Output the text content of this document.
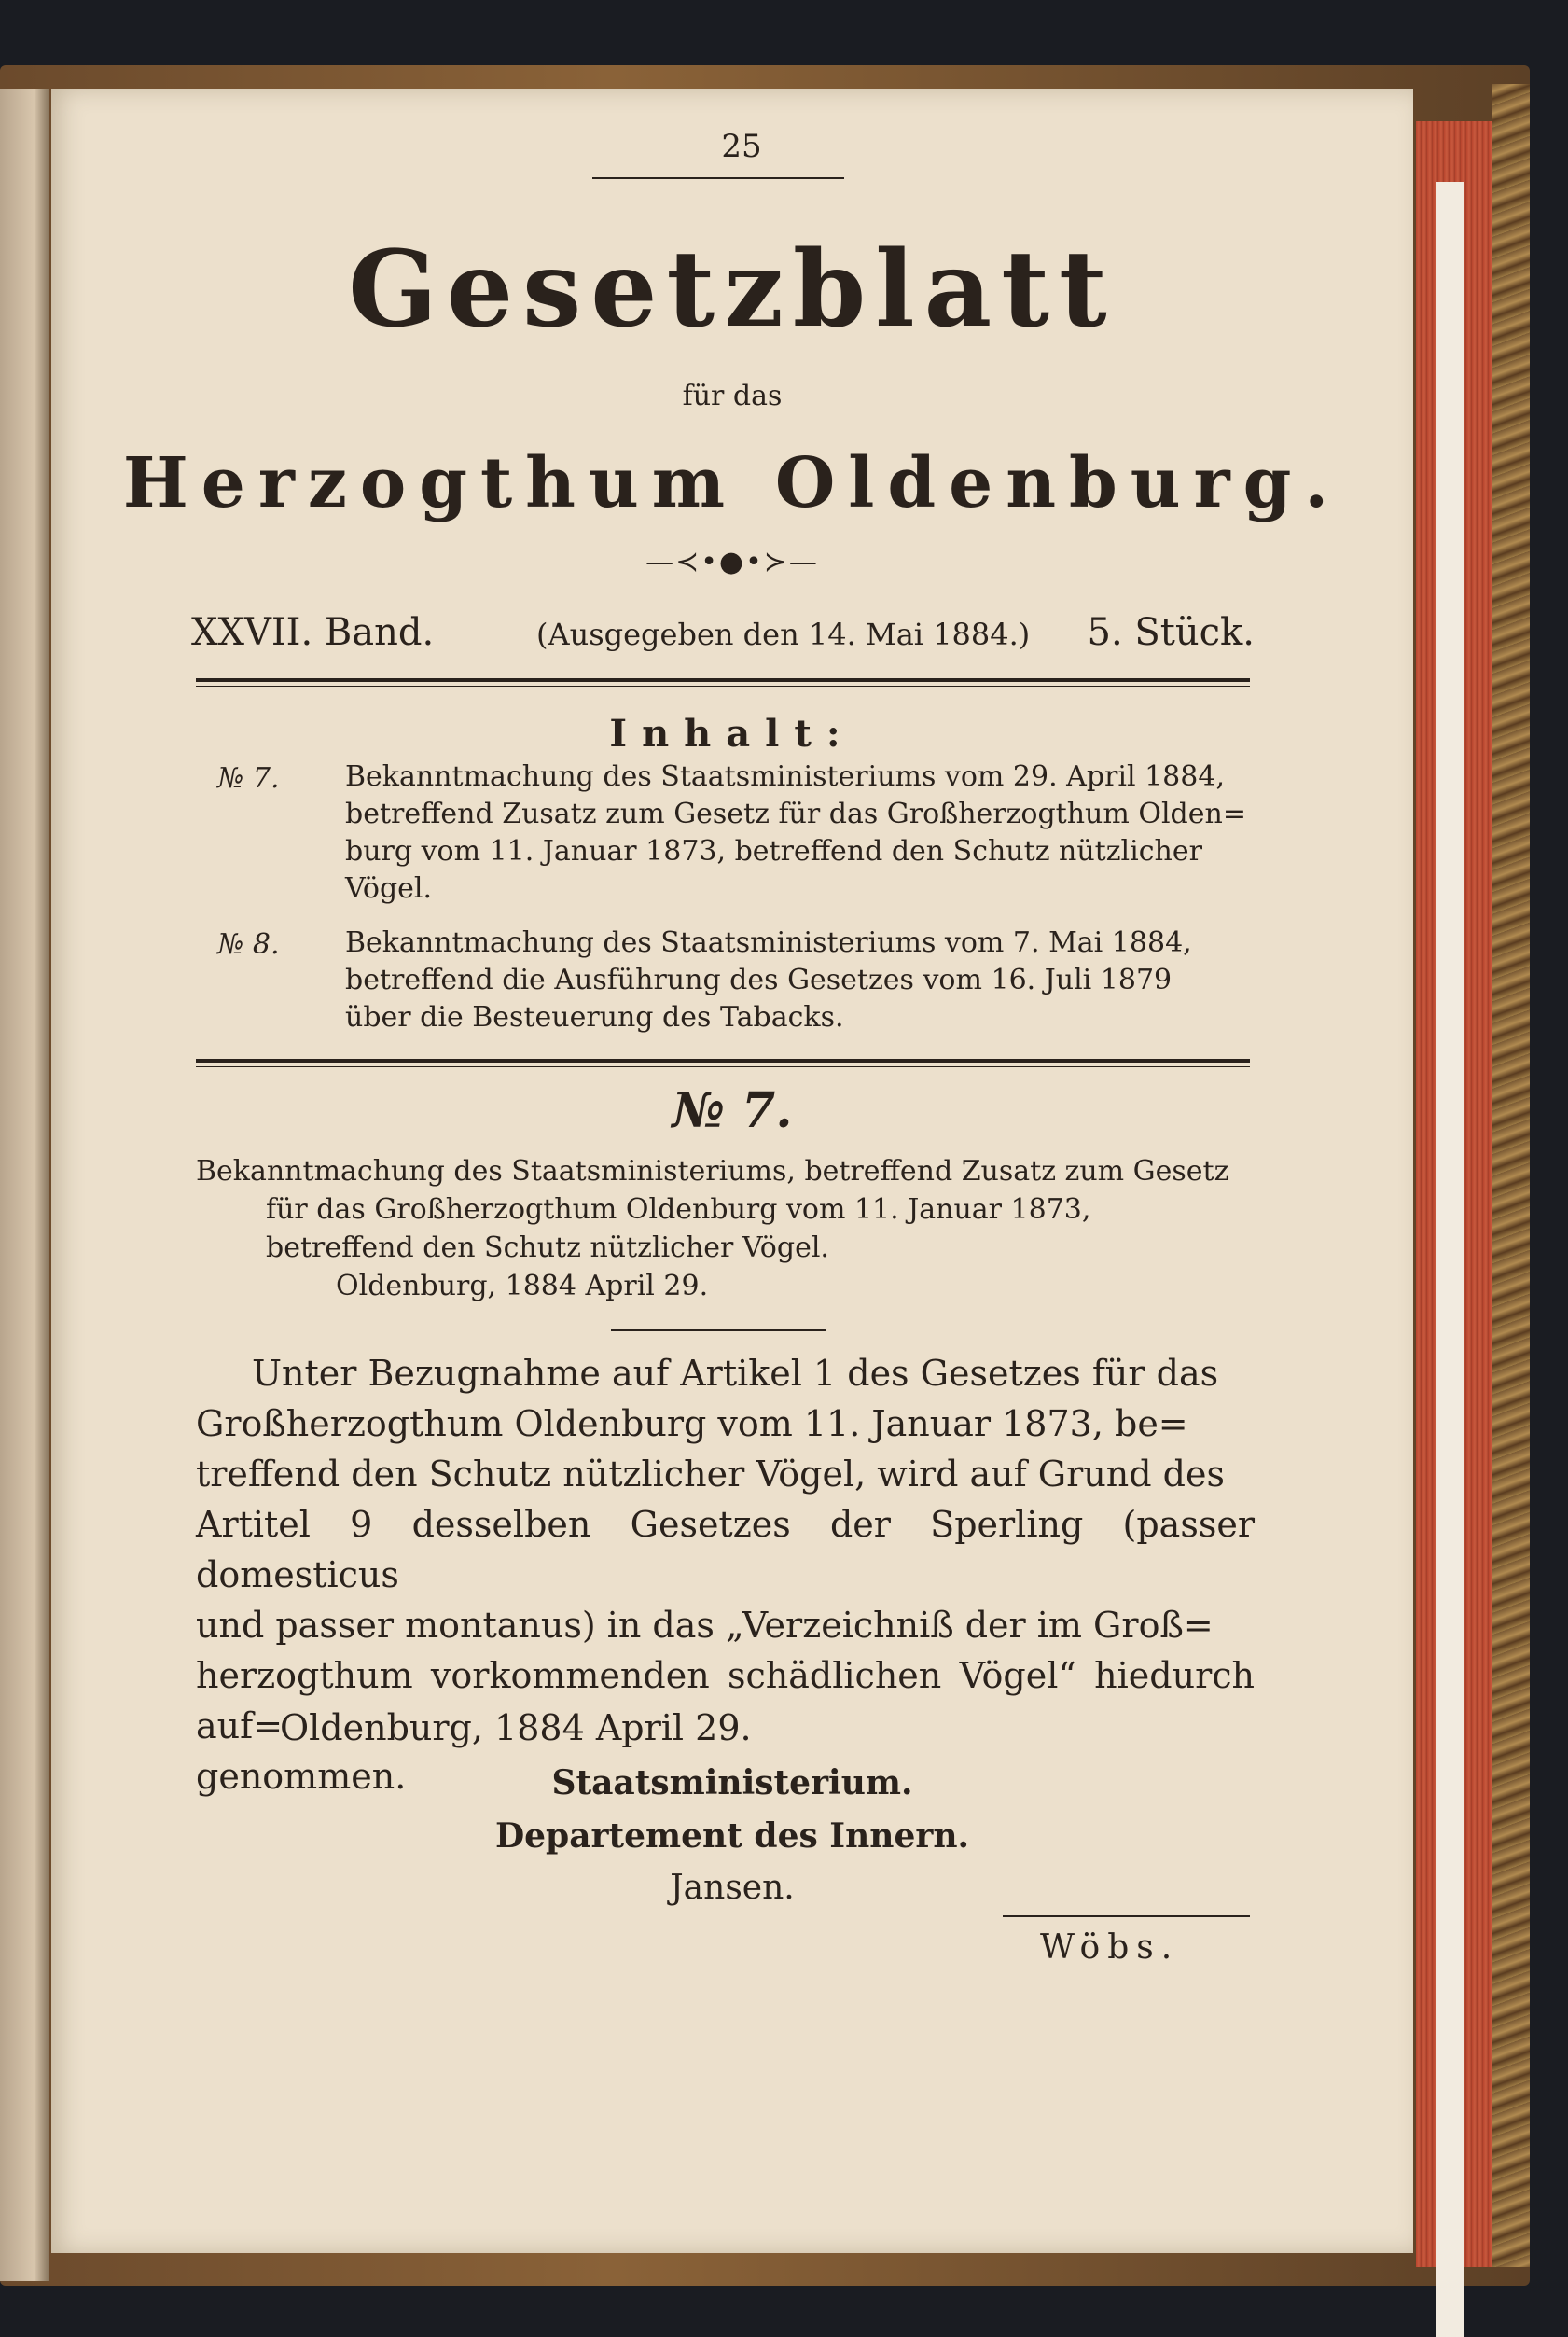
25
Gesetzblatt
für das
Herzogthum Oldenburg.
—≺•●•≻—
XXVII. Band.	(Ausgegeben den 14. Mai 1884.) 5. Stück.
Inhalt:
№ 7. Bekanntmachung des Staatsministeriums vom 29. April 1884,
betreffend Zusatz zum Gesetz für das Großherzogthum Olden=
burg vom 11. Januar 1873, betreffend den Schutz nützlicher
Vögel.
№ 8. Bekanntmachung des Staatsministeriums vom 7. Mai 1884,
betreffend die Ausführung des Gesetzes vom 16. Juli 1879
über die Besteuerung des Tabacks.
№ 7.
Bekanntmachung des Staatsministeriums, betreffend Zusatz zum Gesetz
für das Großherzogthum Oldenburg vom 11. Januar 1873,
betreffend den Schutz nützlicher Vögel.
Oldenburg, 1884 April 29.
Unter Bezugnahme auf Artikel 1 des Gesetzes für das
Großherzogthum Oldenburg vom 11. Januar 1873, be=
treffend den Schutz nützlicher Vögel, wird auf Grund des
Artitel 9 desselben Gesetzes der Sperling (passer domesticus
und passer montanus) in das „Verzeichniß der im Groß=
herzogthum vorkommenden schädlichen Vögel“ hiedurch auf=
genommen.
Oldenburg, 1884 April 29.
Staatsministerium.
Departement des Innern.
Jansen.
Wöbs.
